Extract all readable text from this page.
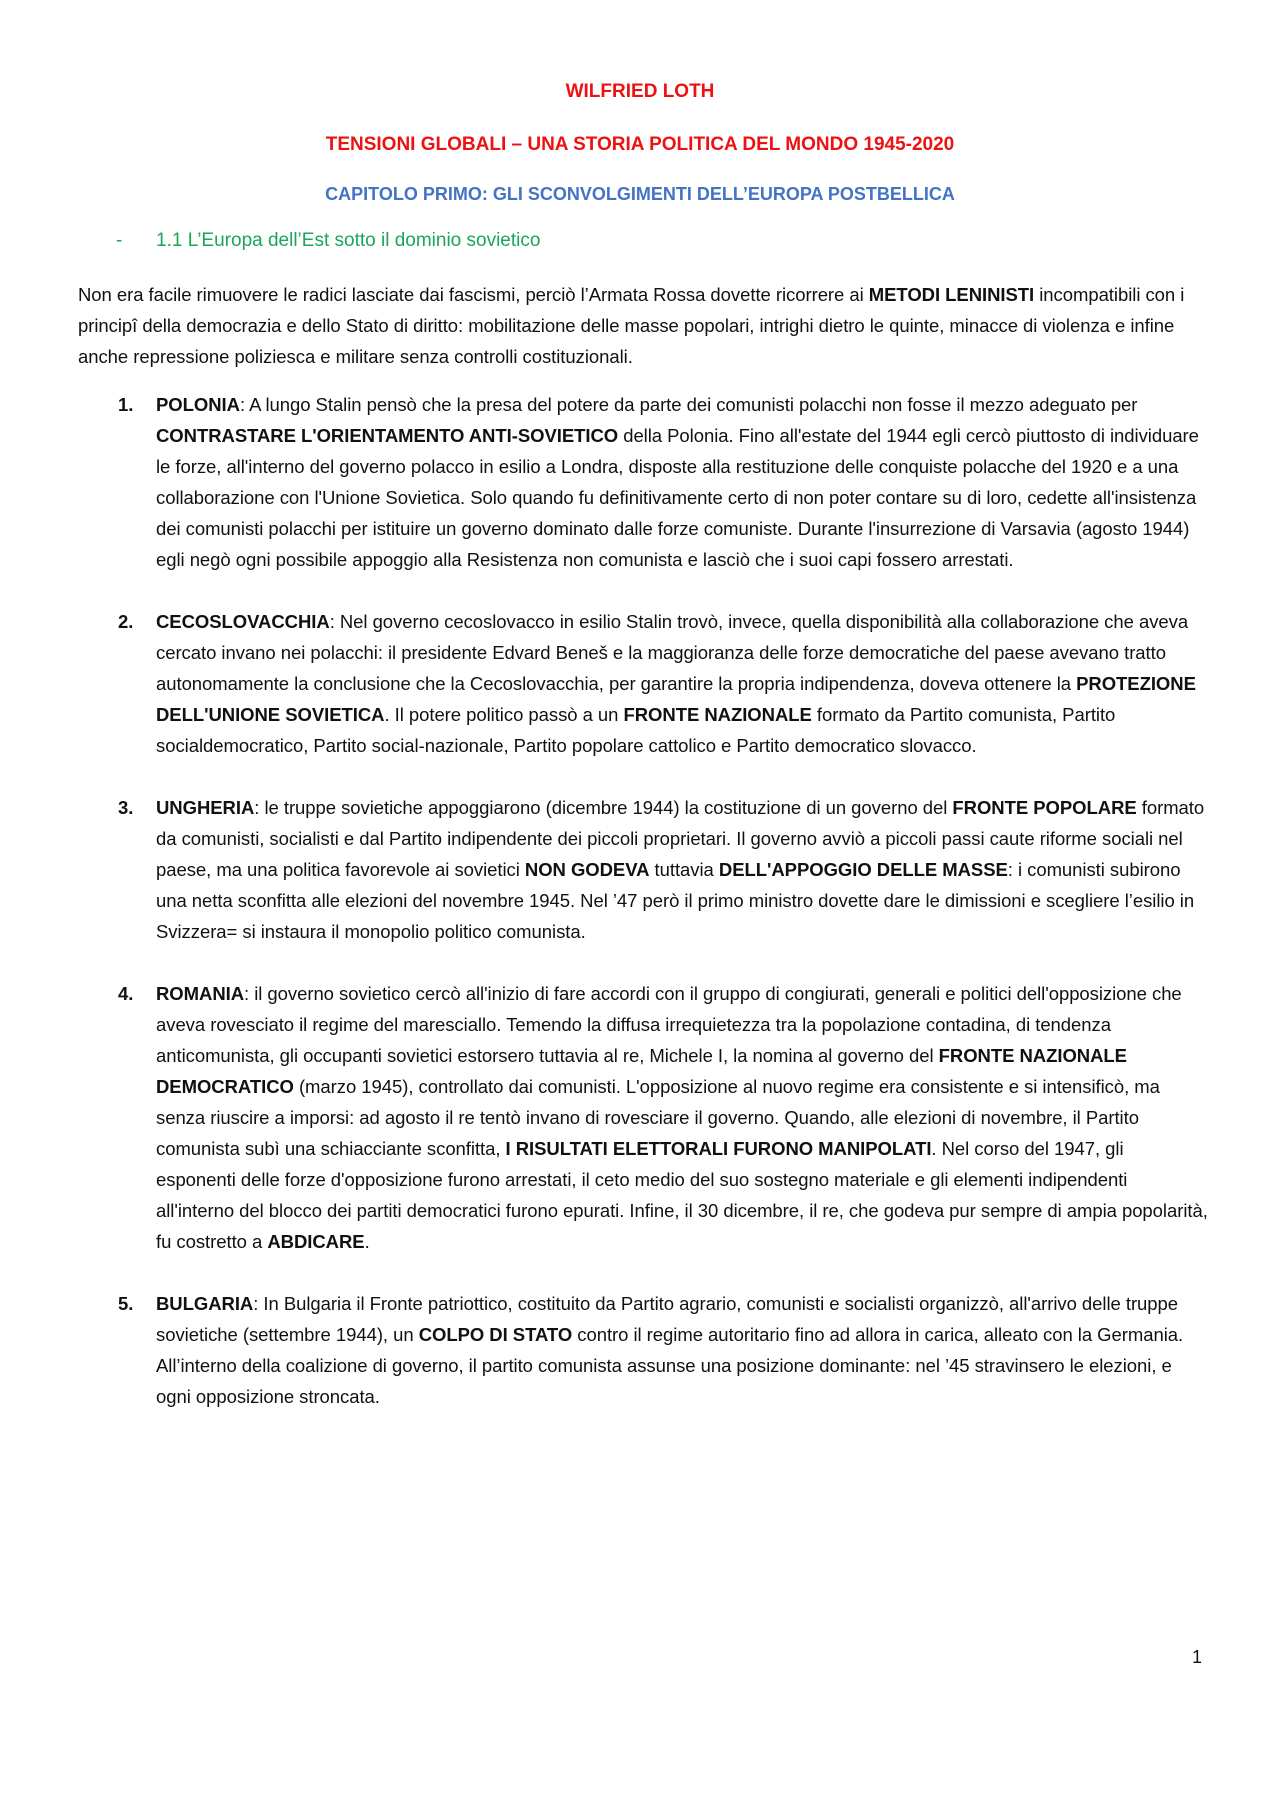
WILFRIED LOTH
TENSIONI GLOBALI – UNA STORIA POLITICA DEL MONDO 1945-2020
CAPITOLO PRIMO: GLI SCONVOLGIMENTI DELL’EUROPA POSTBELLICA
- 1.1 L’Europa dell’Est sotto il dominio sovietico

Non era facile rimuovere le radici lasciate dai fascismi, perciò l’Armata Rossa dovette ricorrere ai METODI LENINISTI incompatibili con i principî della democrazia e dello Stato di diritto: mobilitazione delle masse popolari, intrighi dietro le quinte, minacce di violenza e infine anche repressione poliziesca e militare senza controlli costituzionali.

1. POLONIA: A lungo Stalin pensò che la presa del potere da parte dei comunisti polacchi non fosse il mezzo adeguato per CONTRASTARE L'ORIENTAMENTO ANTI-SOVIETICO della Polonia. Fino all'estate del 1944 egli cercò piuttosto di individuare le forze, all'interno del governo polacco in esilio a Londra, disposte alla restituzione delle conquiste polacche del 1920 e a una collaborazione con l'Unione Sovietica. Solo quando fu definitivamente certo di non poter contare su di loro, cedette all'insistenza dei comunisti polacchi per istituire un governo dominato dalle forze comuniste. Durante l'insurrezione di Varsavia (agosto 1944) egli negò ogni possibile appoggio alla Resistenza non comunista e lasciò che i suoi capi fossero arrestati.
2. CECOSLOVACCHIA: Nel governo cecoslovacco in esilio Stalin trovò, invece, quella disponibilità alla collaborazione che aveva cercato invano nei polacchi: il presidente Edvard Beneš e la maggioranza delle forze democratiche del paese avevano tratto autonomamente la conclusione che la Cecoslovacchia, per garantire la propria indipendenza, doveva ottenere la PROTEZIONE DELL'UNIONE SOVIETICA. Il potere politico passò a un FRONTE NAZIONALE formato da Partito comunista, Partito socialdemocratico, Partito social-nazionale, Partito popolare cattolico e Partito democratico slovacco.
3. UNGHERIA: le truppe sovietiche appoggiarono (dicembre 1944) la costituzione di un governo del FRONTE POPOLARE formato da comunisti, socialisti e dal Partito indipendente dei piccoli proprietari. Il governo avviò a piccoli passi caute riforme sociali nel paese, ma una politica favorevole ai sovietici NON GODEVA tuttavia DELL'APPOGGIO DELLE MASSE: i comunisti subirono una netta sconfitta alle elezioni del novembre 1945. Nel ’47 però il primo ministro dovette dare le dimissioni e scegliere l’esilio in Svizzera= si instaura il monopolio politico comunista.
4. ROMANIA: il governo sovietico cercò all'inizio di fare accordi con il gruppo di congiurati, generali e politici dell'opposizione che aveva rovesciato il regime del maresciallo. Temendo la diffusa irrequietezza tra la popolazione contadina, di tendenza anticomunista, gli occupanti sovietici estorsero tuttavia al re, Michele I, la nomina al governo del FRONTE NAZIONALE DEMOCRATICO (marzo 1945), controllato dai comunisti. L'opposizione al nuovo regime era consistente e si intensificò, ma senza riuscire a imporsi: ad agosto il re tentò invano di rovesciare il governo. Quando, alle elezioni di novembre, il Partito comunista subì una schiacciante sconfitta, I RISULTATI ELETTORALI FURONO MANIPOLATI. Nel corso del 1947, gli esponenti delle forze d'opposizione furono arrestati, il ceto medio del suo sostegno materiale e gli elementi indipendenti all'interno del blocco dei partiti democratici furono epurati. Infine, il 30 dicembre, il re, che godeva pur sempre di ampia popolarità, fu costretto a ABDICARE.
5. BULGARIA: In Bulgaria il Fronte patriottico, costituito da Partito agrario, comunisti e socialisti organizzò, all'arrivo delle truppe sovietiche (settembre 1944), un COLPO DI STATO contro il regime autoritario fino ad allora in carica, alleato con la Germania. All’interno della coalizione di governo, il partito comunista assunse una posizione dominante: nel ’45 stravinsero le elezioni, e ogni opposizione stroncata.
1
